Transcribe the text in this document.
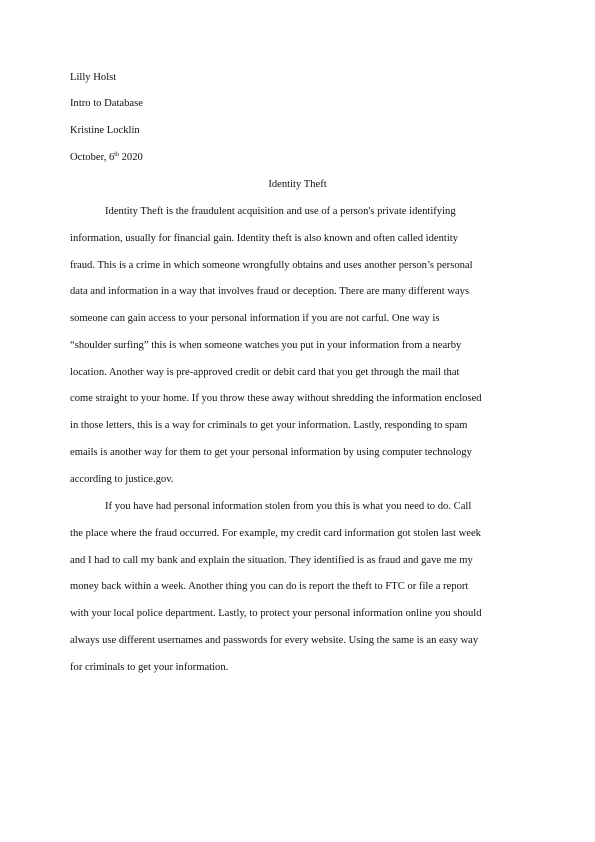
Lilly Holst
Intro to Database
Kristine Locklin
October, 6th 2020
Identity Theft
Identity Theft is the fraudulent acquisition and use of a person's private identifying
information, usually for financial gain. Identity theft is also known and often called identity
fraud. This is a crime in which someone wrongfully obtains and uses another person’s personal
data and information in a way that involves fraud or deception. There are many different ways
someone can gain access to your personal information if you are not carful. One way is
“shoulder surfing” this is when someone watches you put in your information from a nearby
location. Another way is pre-approved credit or debit card that you get through the mail that
come straight to your home. If you throw these away without shredding the information enclosed
in those letters, this is a way for criminals to get your information. Lastly, responding to spam
emails is another way for them to get your personal information by using computer technology
according to justice.gov.
If you have had personal information stolen from you this is what you need to do. Call
the place where the fraud occurred. For example, my credit card information got stolen last week
and I had to call my bank and explain the situation. They identified is as fraud and gave me my
money back within a week. Another thing you can do is report the theft to FTC or file a report
with your local police department. Lastly, to protect your personal information online you should
always use different usernames and passwords for every website. Using the same is an easy way
for criminals to get your information.
